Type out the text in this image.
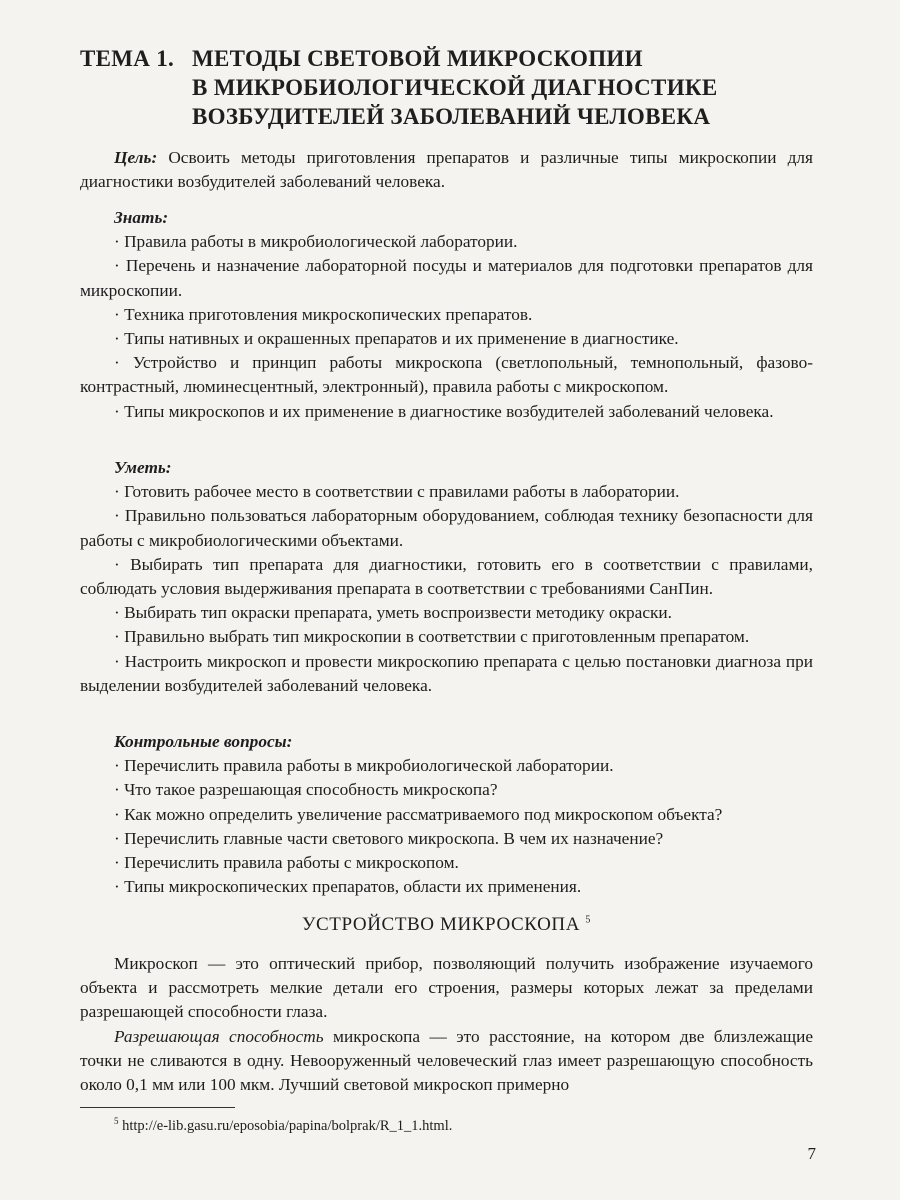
ТЕМА 1. МЕТОДЫ СВЕТОВОЙ МИКРОСКОПИИ
В МИКРОБИОЛОГИЧЕСКОЙ ДИАГНОСТИКЕ
ВОЗБУДИТЕЛЕЙ ЗАБОЛЕВАНИЙ ЧЕЛОВЕКА

Цель: Освоить методы приготовления препаратов и различные типы микроскопии для диагностики возбудителей заболеваний человека.

Знать:

· Правила работы в микробиологической лаборатории.

· Перечень и назначение лабораторной посуды и материалов для подготовки препаратов для микроскопии.

· Техника приготовления микроскопических препаратов.

· Типы нативных и окрашенных препаратов и их применение в диагностике.

· Устройство и принцип работы микроскопа (светлопольный, темнопольный, фазово-контрастный, люминесцентный, электронный), правила работы с микроскопом.

· Типы микроскопов и их применение в диагностике возбудителей заболеваний человека.

Уметь:

· Готовить рабочее место в соответствии с правилами работы в лаборатории.

· Правильно пользоваться лабораторным оборудованием, соблюдая технику безопасности для работы с микробиологическими объектами.

· Выбирать тип препарата для диагностики, готовить его в соответствии с правилами, соблюдать условия выдерживания препарата в соответствии с требованиями СанПин.

· Выбирать тип окраски препарата, уметь воспроизвести методику окраски.

· Правильно выбрать тип микроскопии в соответствии с приготовленным препаратом.

· Настроить микроскоп и провести микроскопию препарата с целью постановки диагноза при выделении возбудителей заболеваний человека.

Контрольные вопросы:

· Перечислить правила работы в микробиологической лаборатории.

· Что такое разрешающая способность микроскопа?

· Как можно определить увеличение рассматриваемого под микроскопом объекта?

· Перечислить главные части светового микроскопа. В чем их назначение?

· Перечислить правила работы с микроскопом.

· Типы микроскопических препаратов, области их применения.

УСТРОЙСТВО МИКРОСКОПА $^5$

Микроскоп — это оптический прибор, позволяющий получить изображение изучаемого объекта и рассмотреть мелкие детали его строения, размеры которых лежат за пределами разрешающей способности глаза.

Разрешающая способность микроскопа — это расстояние, на котором две близлежащие точки не сливаются в одну. Невооруженный человеческий глаз имеет разрешающую способность около 0,1 мм или 100 мкм. Лучший световой микроскоп примерно

$^5$ http://e-lib.gasu.ru/eposobia/papina/bolprak/R_1_1.html.
7
